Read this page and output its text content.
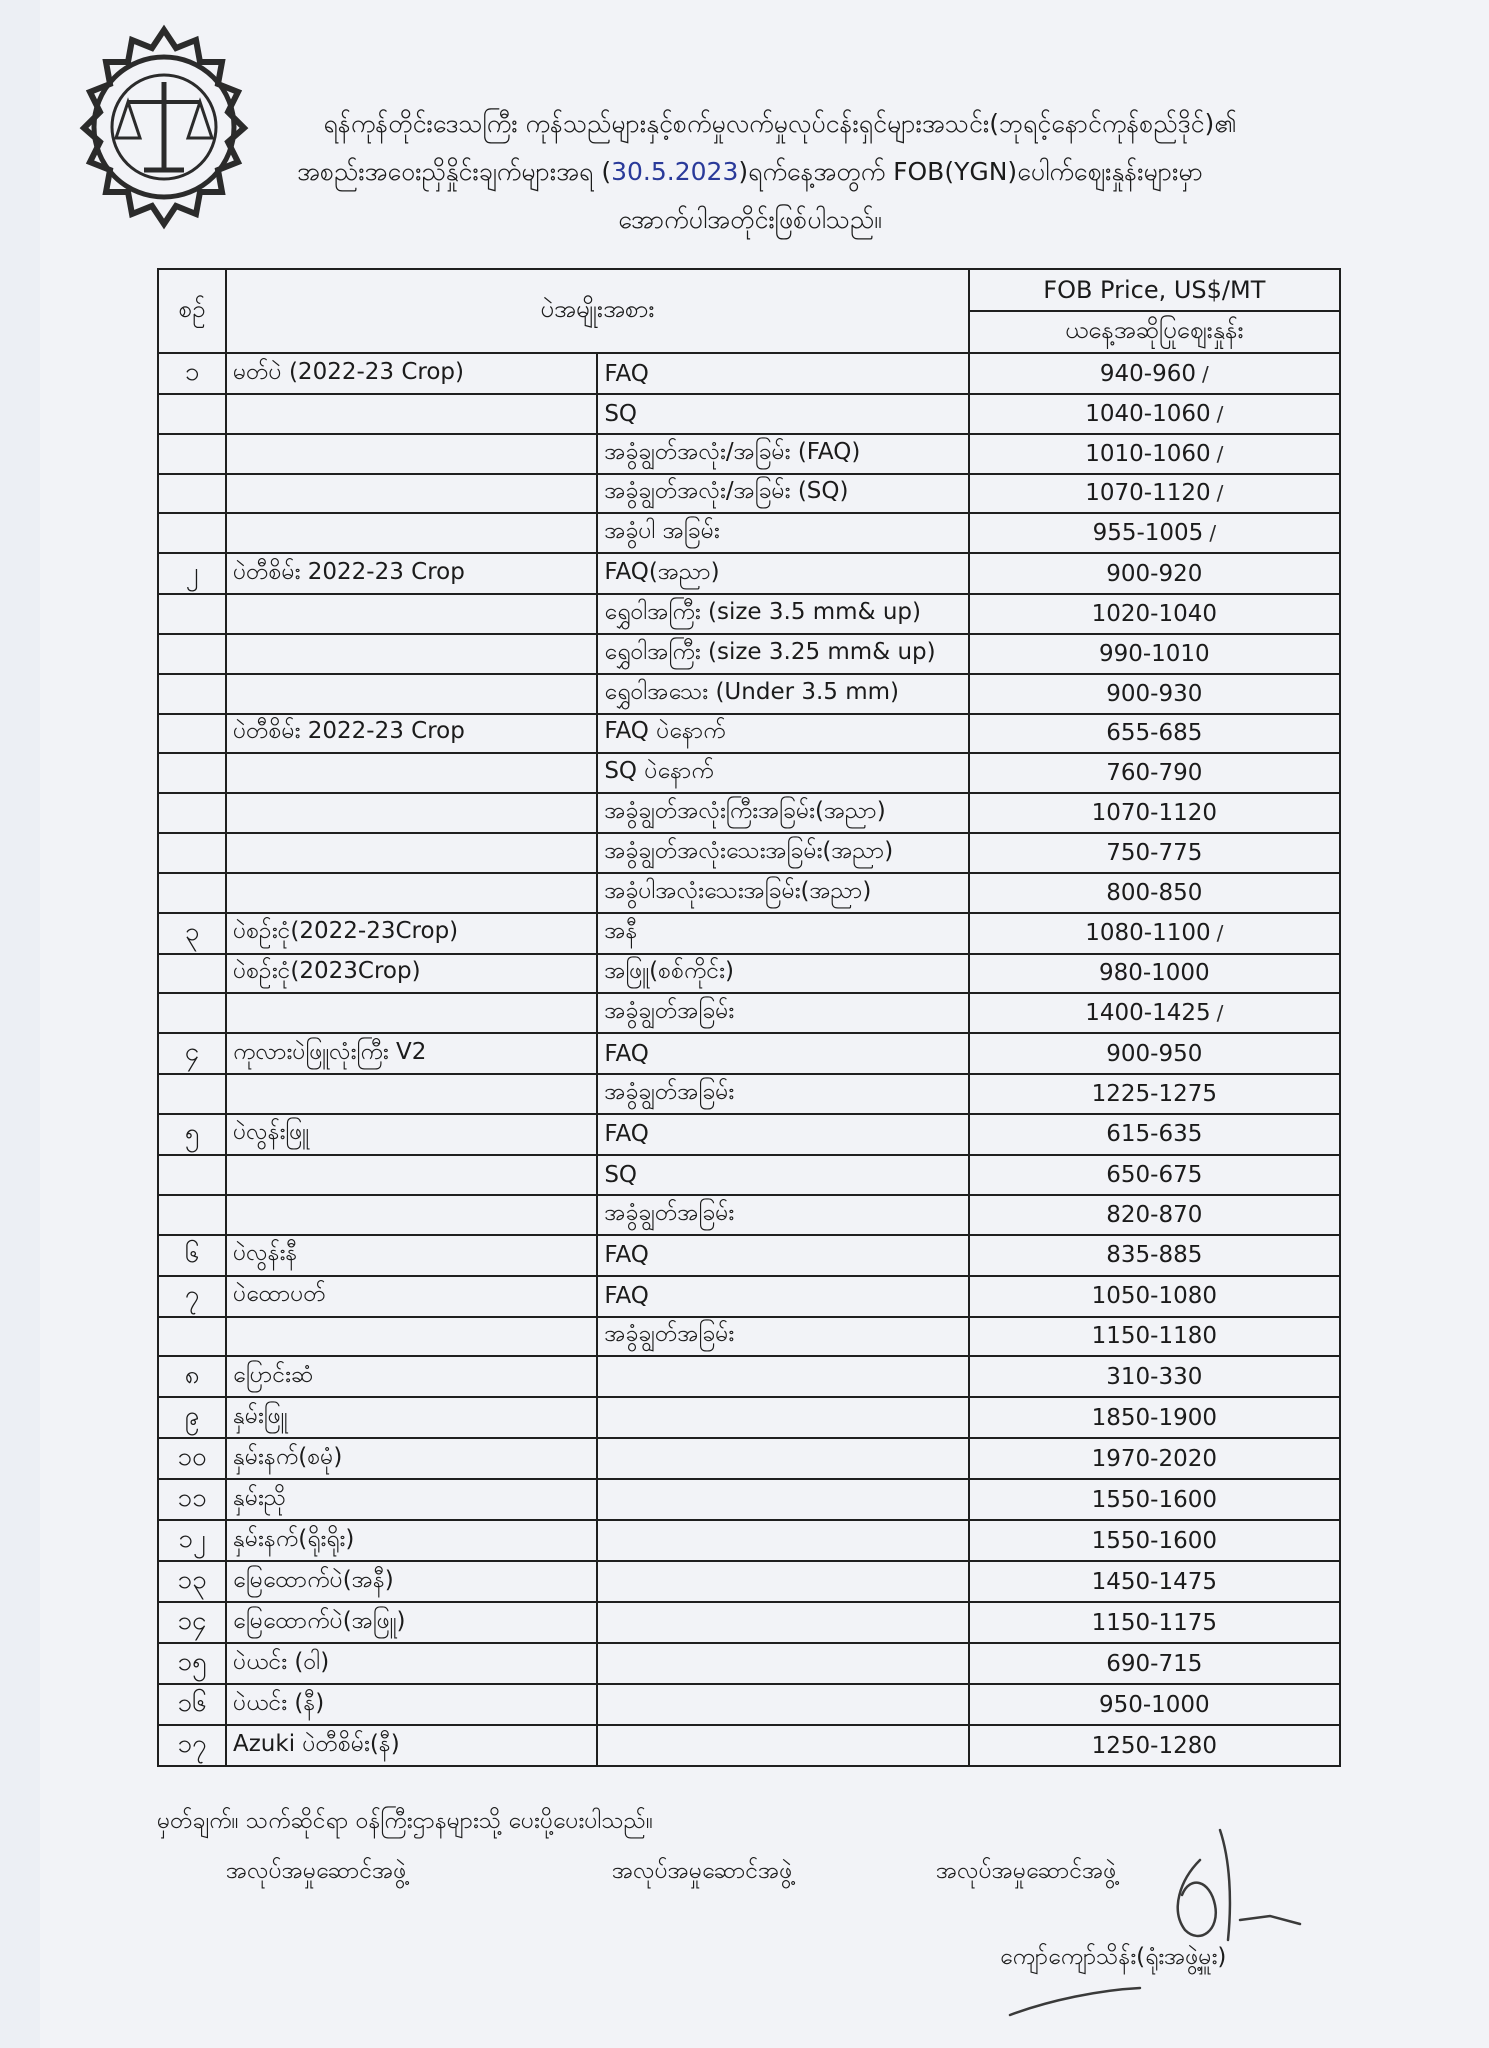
ရန်ကုန်တိုင်းဒေသကြီး ကုန်သည်များနှင့်စက်မှုလက်မှုလုပ်ငန်းရှင်များအသင်း(ဘုရင့်နောင်ကုန်စည်ဒိုင်)၏
အစည်းအဝေးညှိနှိုင်းချက်များအရ (30.5.2023)ရက်နေ့အတွက် FOB(YGN)ပေါက်ဈေးနှုန်းများမှာ
အောက်ပါအတိုင်းဖြစ်ပါသည်။
စဉ်	ပဲအမျိုးအစား		FOB Price, US$/MT
			ယနေ့အဆိုပြုဈေးနှုန်း
၁	မတ်ပဲ (2022-23 Crop)	FAQ	940-960 /
		SQ	1040-1060 /
		အခွံချွတ်အလုံး/အခြမ်း (FAQ)	1010-1060 /
		အခွံချွတ်အလုံး/အခြမ်း (SQ)	1070-1120 /
		အခွံပါ အခြမ်း	955-1005 /
၂	ပဲတီစိမ်း 2022-23 Crop	FAQ(အညာ)	900-920
		ရွှေဝါအကြီး (size 3.5 mm& up)	1020-1040
		ရွှေဝါအကြီး (size 3.25 mm& up)	990-1010
		ရွှေဝါအသေး (Under 3.5 mm)	900-930
	ပဲတီစိမ်း 2022-23 Crop	FAQ ပဲနောက်	655-685
		SQ ပဲနောက်	760-790
		အခွံချွတ်အလုံးကြီးအခြမ်း(အညာ)	1070-1120
		အခွံချွတ်အလုံးသေးအခြမ်း(အညာ)	750-775
		အခွံပါအလုံးသေးအခြမ်း(အညာ)	800-850
၃	ပဲစဉ်းငုံ(2022-23Crop)	အနီ	1080-1100 /
	ပဲစဉ်းငုံ(2023Crop)	အဖြူ(စစ်ကိုင်း)	980-1000
		အခွံချွတ်အခြမ်း	1400-1425 /
၄	ကုလားပဲဖြူလုံးကြီး V2	FAQ	900-950
		အခွံချွတ်အခြမ်း	1225-1275
၅	ပဲလွန်းဖြူ	FAQ	615-635
		SQ	650-675
		အခွံချွတ်အခြမ်း	820-870
၆	ပဲလွန်းနီ	FAQ	835-885
၇	ပဲထောပတ်	FAQ	1050-1080
		အခွံချွတ်အခြမ်း	1150-1180
၈	ပြောင်းဆံ		310-330
၉	နှမ်းဖြူ		1850-1900
၁၀	နှမ်းနက်(စမုံ)		1970-2020
၁၁	နှမ်းညို		1550-1600
၁၂	နှမ်းနက်(ရိုးရိုး)		1550-1600
၁၃	မြေထောက်ပဲ(အနီ)		1450-1475
၁၄	မြေထောက်ပဲ(အဖြူ)		1150-1175
၁၅	ပဲယင်း (ဝါ)		690-715
၁၆	ပဲယင်း (နီ)		950-1000
၁၇	Azuki ပဲတီစိမ်း(နီ)		1250-1280
မှတ်ချက်။ သက်ဆိုင်ရာ ဝန်ကြီးဌာနများသို့ ပေးပို့ပေးပါသည်။
အလုပ်အမှုဆောင်အဖွဲ့	အလုပ်အမှုဆောင်အဖွဲ့	အလုပ်အမှုဆောင်အဖွဲ့
ကျော်ကျော်သိန်း(ရုံးအဖွဲ့မှူး)
